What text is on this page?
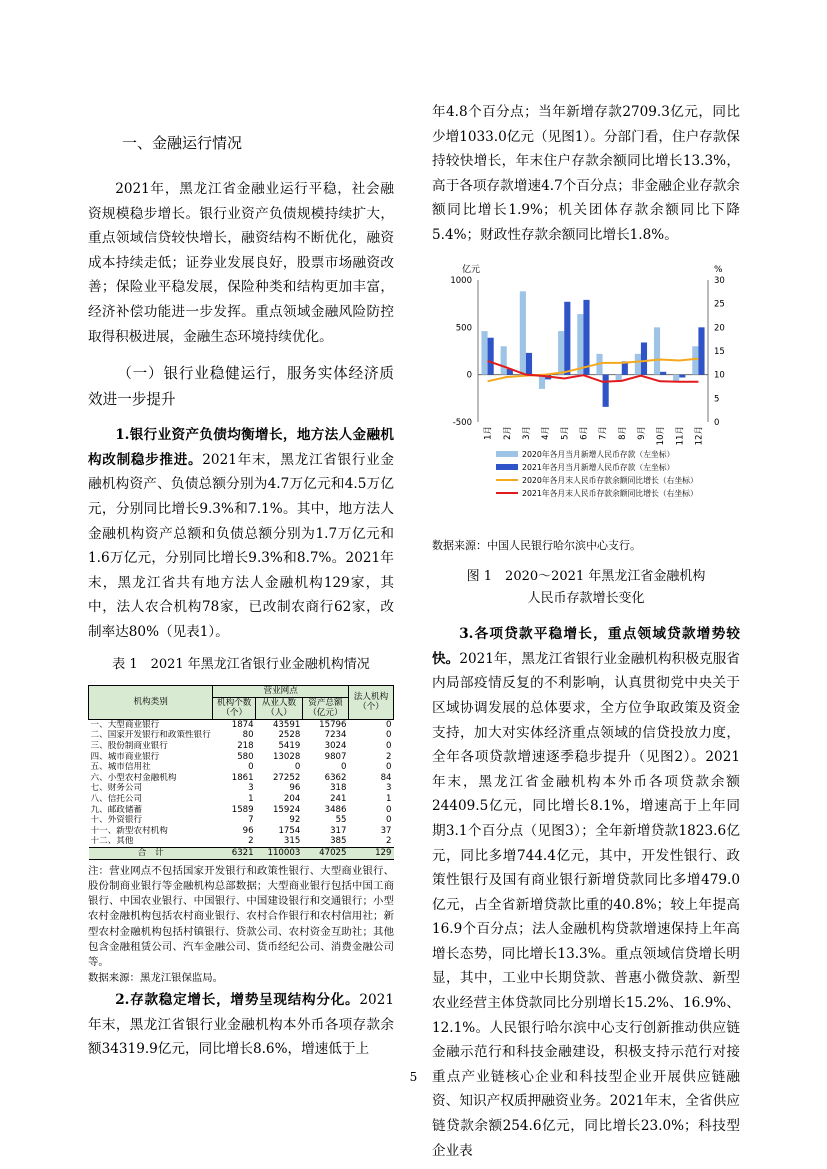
一、金融运行情况

2021年，黑龙江省金融业运行平稳，社会融资规模稳步增长。银行业资产负债规模持续扩大，重点领域信贷较快增长，融资结构不断优化，融资成本持续走低；证券业发展良好，股票市场融资改善；保险业平稳发展，保险种类和结构更加丰富，经济补偿功能进一步发挥。重点领域金融风险防控取得积极进展，金融生态环境持续优化。

（一）银行业稳健运行，服务实体经济质效进一步提升

1.银行业资产负债均衡增长，地方法人金融机构改制稳步推进。2021年末，黑龙江省银行业金融机构资产、负债总额分别为4.7万亿元和4.5万亿元，分别同比增长9.3%和7.1%。其中，地方法人金融机构资产总额和负债总额分别为1.7万亿元和1.6万亿元，分别同比增长9.3%和8.7%。2021年末，黑龙江省共有地方法人金融机构129家，其中，法人农合机构78家，已改制农商行62家，改制率达80%（见表1）。

表 1　2021 年黑龙江省银行业金融机构情况

机构类别	营业网点			法人机构（个）
	机构个数（个）	从业人数（人）	资产总额（亿元）	
一、大型商业银行	1874	43591	15796	0
二、国家开发银行和政策性银行	80	2528	7234	0
三、股份制商业银行	218	5419	3024	0
四、城市商业银行	580	13028	9807	2
五、城市信用社	0	0	0	0
六、小型农村金融机构	1861	27252	6362	84
七、财务公司	3	96	318	3
八、信托公司	1	204	241	1
九、邮政储蓄	1589	15924	3486	0
十、外资银行	7	92	55	0
十一、新型农村机构	96	1754	317	37
十二、其他	2	315	385	2
合　计	6321	110003	47025	129

注：营业网点不包括国家开发银行和政策性银行、大型商业银行、股份制商业银行等金融机构总部数据；大型商业银行包括中国工商银行、中国农业银行、中国银行、中国建设银行和交通银行；小型农村金融机构包括农村商业银行、农村合作银行和农村信用社；新型农村金融机构包括村镇银行、贷款公司、农村资金互助社；其他包含金融租赁公司、汽车金融公司、货币经纪公司、消费金融公司等。

数据来源：黑龙江银保监局。

2.存款稳定增长，增势呈现结构分化。2021年末，黑龙江省银行业金融机构本外币各项存款余额34319.9亿元，同比增长8.6%，增速低于上

年4.8个百分点；当年新增存款2709.3亿元，同比少增1033.0亿元（见图1）。分部门看，住户存款保持较快增长，年末住户存款余额同比增长13.3%，高于各项存款增速4.7个百分点；非金融企业存款余额同比增长1.9%；机关团体存款余额同比下降5.4%；财政性存款余额同比增长1.8%。

亿元	%
1000
500
0
-500
30
25
20
15
10
5
0
1月 2月 3月 4月 5月 6月 7月 8月 9月 10月 11月 12月
2020年各月当月新增人民币存款（左坐标）
2021年各月当月新增人民币存款（左坐标）
2020年各月末人民币存款余额同比增长（右坐标）
2021年各月末人民币存款余额同比增长（右坐标）

数据来源：中国人民银行哈尔滨中心支行。

图 1　2020～2021 年黑龙江省金融机构人民币存款增长变化

3.各项贷款平稳增长，重点领域贷款增势较快。2021年，黑龙江省银行业金融机构积极克服省内局部疫情反复的不利影响，认真贯彻党中央关于区域协调发展的总体要求，全方位争取政策及资金支持，加大对实体经济重点领域的信贷投放力度，全年各项贷款增速逐季稳步提升（见图2）。2021年末，黑龙江省金融机构本外币各项贷款余额24409.5亿元，同比增长8.1%，增速高于上年同期3.1个百分点（见图3）；全年新增贷款1823.6亿元，同比多增744.4亿元，其中，开发性银行、政策性银行及国有商业银行新增贷款同比多增479.0亿元，占全省新增贷款比重的40.8%；较上年提高16.9个百分点；法人金融机构贷款增速保持上年高增长态势，同比增长13.3%。重点领域信贷增长明显，其中，工业中长期贷款、普惠小微贷款、新型农业经营主体贷款同比分别增长15.2%、16.9%、12.1%。人民银行哈尔滨中心支行创新推动供应链金融示范行和科技金融建设，积极支持示范行对接重点产业链核心企业和科技型企业开展供应链融资、知识产权质押融资业务。2021年末，全省供应链贷款余额254.6亿元，同比增长23.0%；科技型企业表

5
